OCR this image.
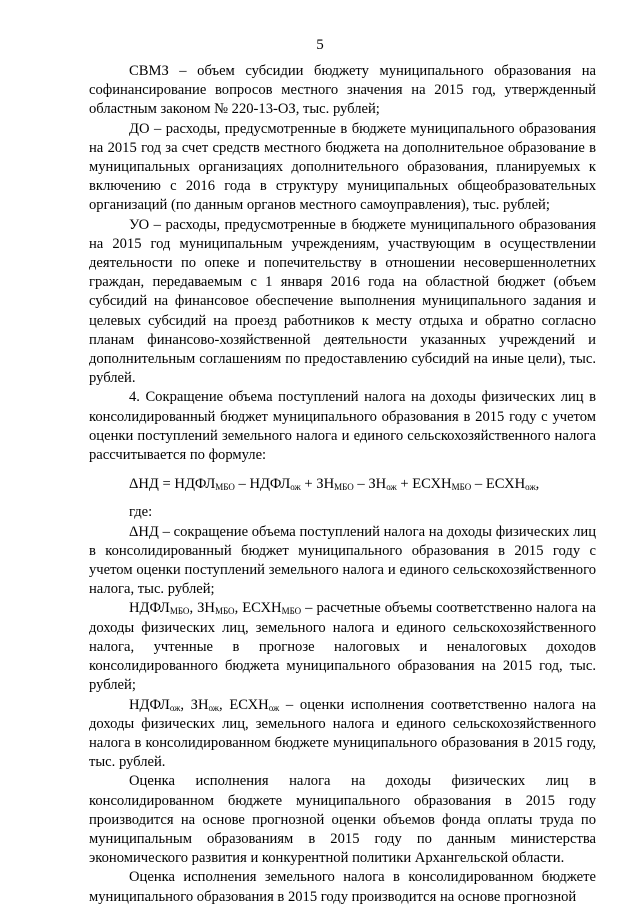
5

СВМЗ – объем субсидии бюджету муниципального образования на софинансирование вопросов местного значения на 2015 год, утвержденный областным законом № 220-13-ОЗ, тыс. рублей;

ДО – расходы, предусмотренные в бюджете муниципального образования на 2015 год за счет средств местного бюджета на дополнительное образование в муниципальных организациях дополнительного образования, планируемых к включению с 2016 года в структуру муниципальных общеобразовательных организаций (по данным органов местного самоуправления), тыс. рублей;

УО – расходы, предусмотренные в бюджете муниципального образования на 2015 год муниципальным учреждениям, участвующим в осуществлении деятельности по опеке и попечительству в отношении несовершеннолетних граждан, передаваемым с 1 января 2016 года на областной бюджет (объем субсидий на финансовое обеспечение выполнения муниципального задания и целевых субсидий на проезд работников к месту отдыха и обратно согласно планам финансово-хозяйственной деятельности указанных учреждений и дополнительным соглашениям по предоставлению субсидий на иные цели), тыс. рублей.

4. Сокращение объема поступлений налога на доходы физических лиц в консолидированный бюджет муниципального образования в 2015 году с учетом оценки поступлений земельного налога и единого сельскохозяйственного налога рассчитывается по формуле:

$\Delta НД = НДФЛ_{МБО}$ – $НДФЛ_{ож} + ЗН_{МБО} - ЗН_{ож}$ + $ЕСХН_{МБО}$ – $ЕСХН_{ож}$,

где:

ΔНД – сокращение объема поступлений налога на доходы физических лиц в консолидированный бюджет муниципального образования в 2015 году с учетом оценки поступлений земельного налога и единого сельскохозяйственного налога, тыс. рублей;

$НДФЛ_{МБО}$, $ЗН_{МБО}$, $ЕСХН_{МБО}$ – расчетные объемы соответственно налога на доходы физических лиц, земельного налога и единого сельскохозяйственного налога, учтенные в прогнозе налоговых и неналоговых доходов консолидированного бюджета муниципального образования на 2015 год, тыс. рублей;

$НДФЛ_{ож}$, $ЗН_{ож}$, $ЕСХН_{ож}$ – оценки исполнения соответственно налога на доходы физических лиц, земельного налога и единого сельскохозяйственного налога в консолидированном бюджете муниципального образования в 2015 году, тыс. рублей.

Оценка исполнения налога на доходы физических лиц в консолидированном бюджете муниципального образования в 2015 году производится на основе прогнозной оценки объемов фонда оплаты труда по муниципальным образованиям в 2015 году по данным министерства экономического развития и конкурентной политики Архангельской области.

Оценка исполнения земельного налога в консолидированном бюджете муниципального образования в 2015 году производится на основе прогнозной
